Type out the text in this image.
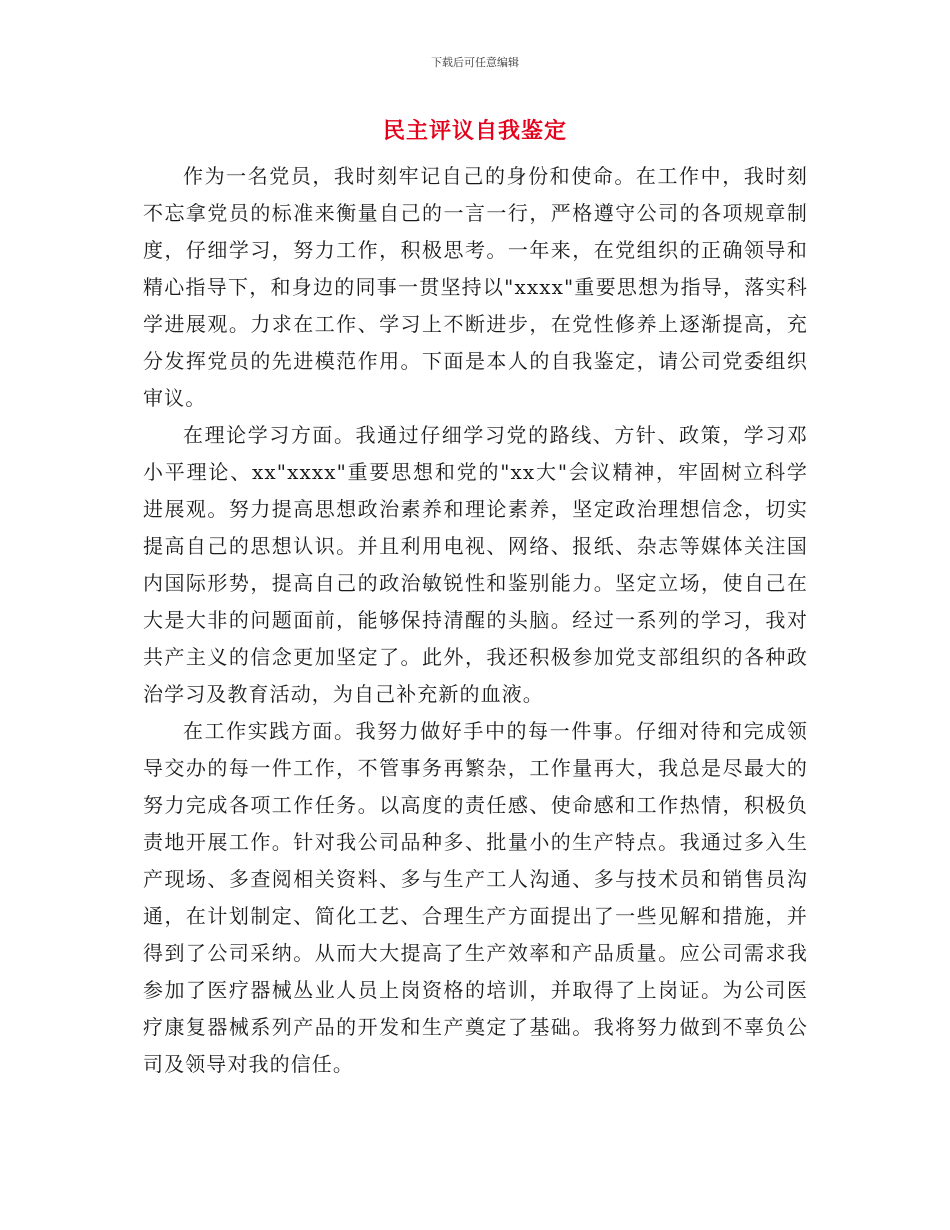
下载后可任意编辑
民主评议自我鉴定

作为一名党员，我时刻牢记自己的身份和使命。在工作中，我时刻不忘拿党员的标准来衡量自己的一言一行，严格遵守公司的各项规章制度，仔细学习，努力工作，积极思考。一年来，在党组织的正确领导和精心指导下，和身边的同事一贯坚持以"xxxx"重要思想为指导，落实科学进展观。力求在工作、学习上不断进步，在党性修养上逐渐提高，充分发挥党员的先进模范作用。下面是本人的自我鉴定，请公司党委组织审议。

在理论学习方面。我通过仔细学习党的路线、方针、政策，学习邓小平理论、xx"xxxx"重要思想和党的"xx大"会议精神，牢固树立科学进展观。努力提高思想政治素养和理论素养，坚定政治理想信念，切实提高自己的思想认识。并且利用电视、网络、报纸、杂志等媒体关注国内国际形势，提高自己的政治敏锐性和鉴别能力。坚定立场，使自己在大是大非的问题面前，能够保持清醒的头脑。经过一系列的学习，我对共产主义的信念更加坚定了。此外，我还积极参加党支部组织的各种政治学习及教育活动，为自己补充新的血液。

在工作实践方面。我努力做好手中的每一件事。仔细对待和完成领导交办的每一件工作，不管事务再繁杂，工作量再大，我总是尽最大的努力完成各项工作任务。以高度的责任感、使命感和工作热情，积极负责地开展工作。针对我公司品种多、批量小的生产特点。我通过多入生产现场、多查阅相关资料、多与生产工人沟通、多与技术员和销售员沟通，在计划制定、简化工艺、合理生产方面提出了一些见解和措施，并得到了公司采纳。从而大大提高了生产效率和产品质量。应公司需求我参加了医疗器械丛业人员上岗资格的培训，并取得了上岗证。为公司医疗康复器械系列产品的开发和生产奠定了基础。我将努力做到不辜负公司及领导对我的信任。
